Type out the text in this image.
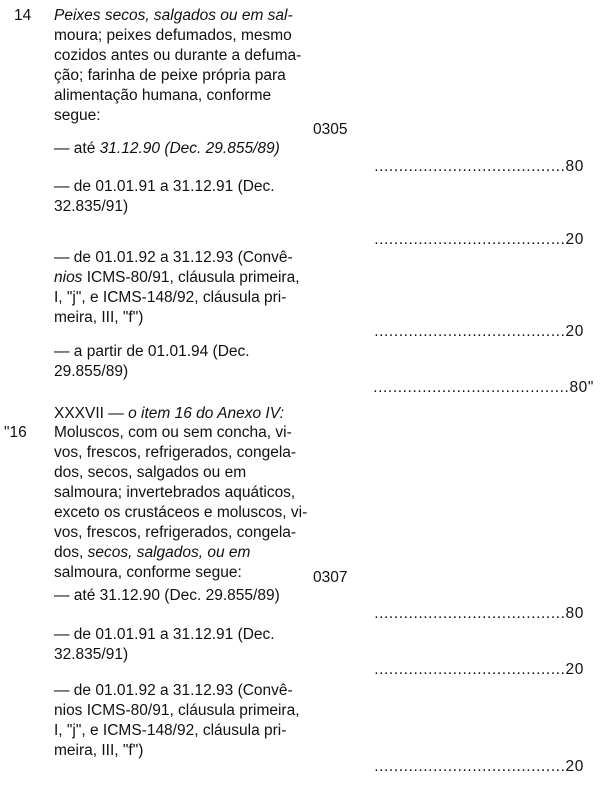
14 Peixes secos, salgados ou em sal-
moura; peixes defumados, mesmo
cozidos antes ou durante a defuma-
ção; farinha de peixe própria para
alimentação humana, conforme
segue:
0305
— até 31.12.90 (Dec. 29.855/89)
.......................................80
— de 01.01.91 a 31.12.91 (Dec.
32.835/91)
.......................................20
— de 01.01.92 a 31.12.93 (Convê-
nios ICMS-80/91, cláusula primeira,
I, "j", e ICMS-148/92, cláusula pri-
meira, III, "f")
.......................................20
— a partir de 01.01.94 (Dec.
29.855/89)
........................................80"
XXXVII — o item 16 do Anexo IV:
"16 Moluscos, com ou sem concha, vi-
vos, frescos, refrigerados, congela-
dos, secos, salgados ou em
salmoura; invertebrados aquáticos,
exceto os crustáceos e moluscos, vi-
vos, frescos, refrigerados, congela-
dos, secos, salgados, ou em
salmoura, conforme segue:	0307
— até 31.12.90 (Dec. 29.855/89)
.......................................80
— de 01.01.91 a 31.12.91 (Dec.
32.835/91)
.......................................20
— de 01.01.92 a 31.12.93 (Convê-
nios ICMS-80/91, cláusula primeira,
I, "j", e ICMS-148/92, cláusula pri-
meira, III, "f")
.......................................20
